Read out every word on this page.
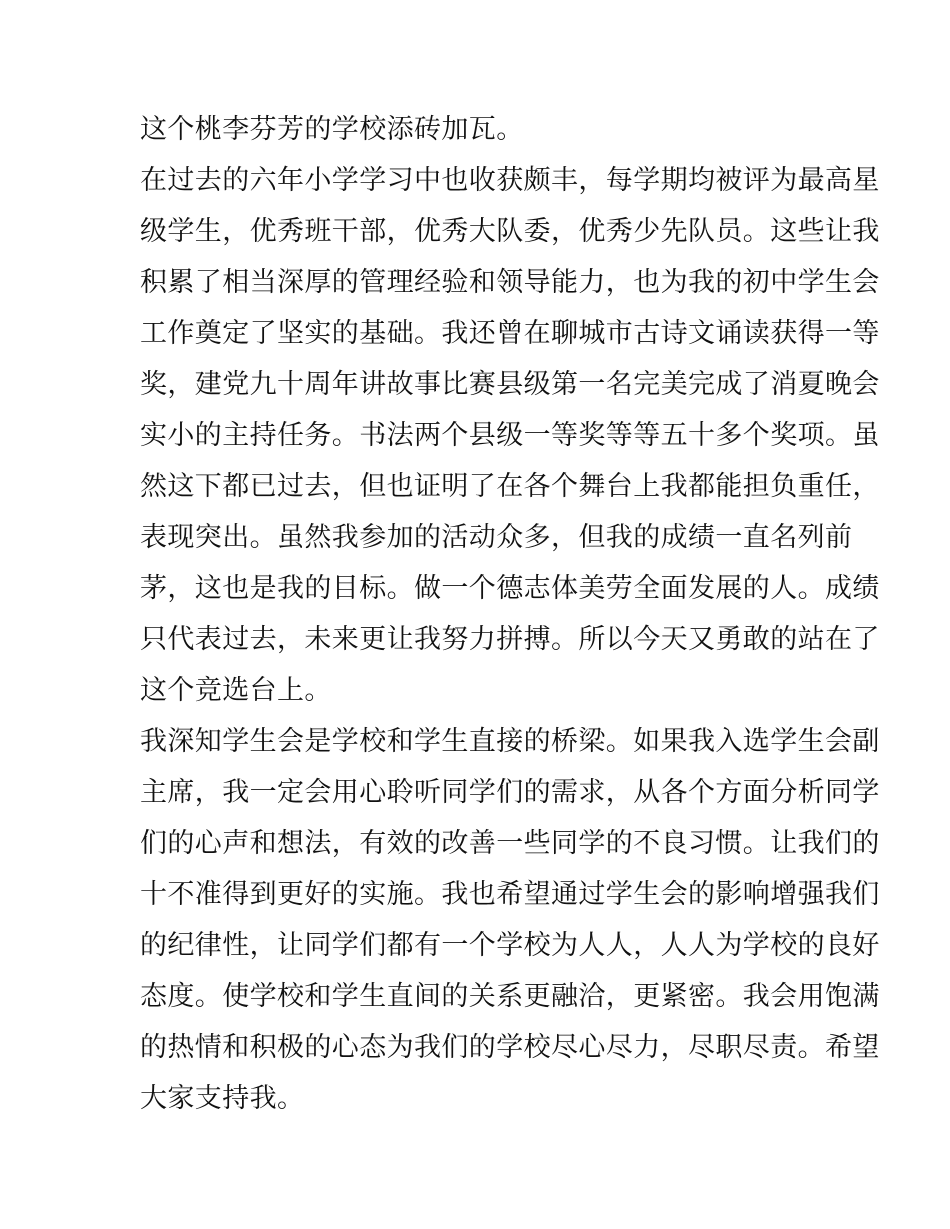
这个桃李芬芳的学校添砖加瓦。
在过去的六年小学学习中也收获颇丰，每学期均被评为最高星
级学生，优秀班干部，优秀大队委，优秀少先队员。这些让我
积累了相当深厚的管理经验和领导能力，也为我的初中学生会
工作奠定了坚实的基础。我还曾在聊城市古诗文诵读获得一等
奖，建党九十周年讲故事比赛县级第一名完美完成了消夏晚会
实小的主持任务。书法两个县级一等奖等等五十多个奖项。虽
然这下都已过去，但也证明了在各个舞台上我都能担负重任，
表现突出。虽然我参加的活动众多，但我的成绩一直名列前
茅，这也是我的目标。做一个德志体美劳全面发展的人。成绩
只代表过去，未来更让我努力拼搏。所以今天又勇敢的站在了
这个竞选台上。
我深知学生会是学校和学生直接的桥梁。如果我入选学生会副
主席，我一定会用心聆听同学们的需求，从各个方面分析同学
们的心声和想法，有效的改善一些同学的不良习惯。让我们的
十不准得到更好的实施。我也希望通过学生会的影响增强我们
的纪律性，让同学们都有一个学校为人人，人人为学校的良好
态度。使学校和学生直间的关系更融洽，更紧密。我会用饱满
的热情和积极的心态为我们的学校尽心尽力，尽职尽责。希望
大家支持我。
